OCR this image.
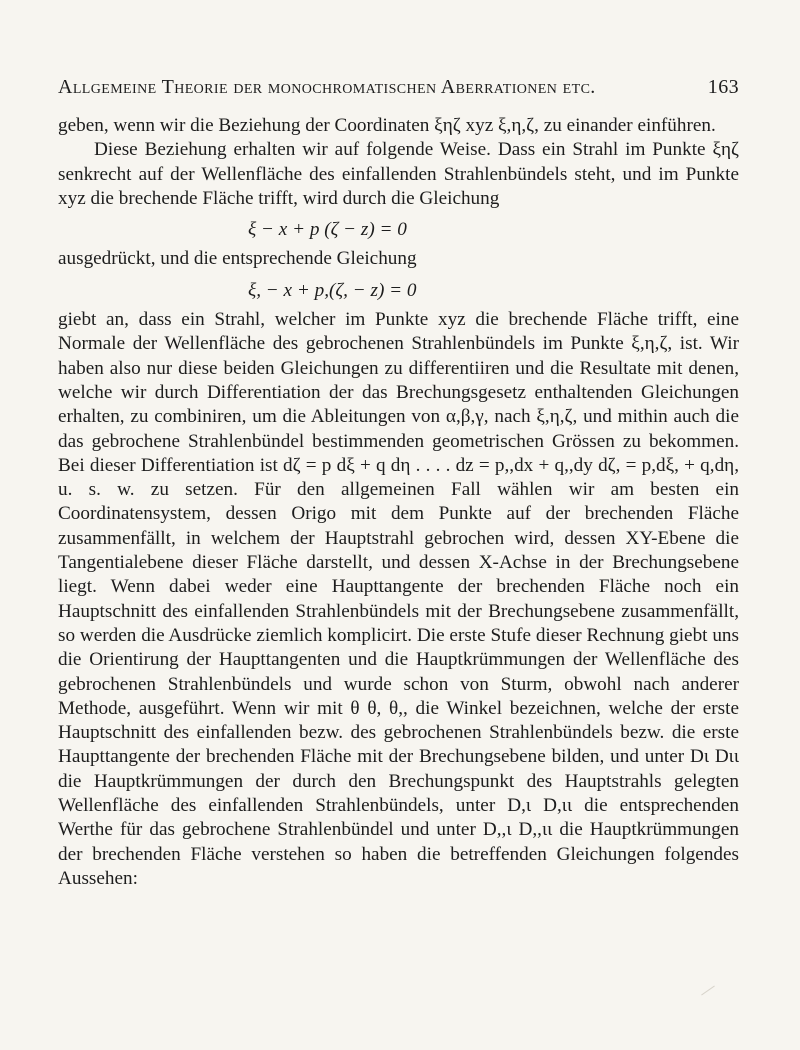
Allgemeine Theorie der monochromatischen Aberrationen etc.	163

geben, wenn wir die Beziehung der Coordinaten ξηζ xyz ξ,η,ζ, zu einander einführen.

Diese Beziehung erhalten wir auf folgende Weise. Dass ein Strahl im Punkte ξηζ senkrecht auf der Wellenfläche des einfallenden Strahlenbündels steht, und im Punkte xyz die brechende Fläche trifft, wird durch die Gleichung

ξ − x + p (ζ − z) = 0

ausgedrückt, und die entsprechende Gleichung

ξ, − x + p,(ζ, − z) = 0

giebt an, dass ein Strahl, welcher im Punkte xyz die brechende Fläche trifft, eine Normale der Wellenfläche des gebrochenen Strahlenbündels im Punkte ξ,η,ζ, ist. Wir haben also nur diese beiden Gleichungen zu differentiiren und die Resultate mit denen, welche wir durch Differentiation der das Brechungsgesetz enthaltenden Gleichungen erhalten, zu combiniren, um die Ableitungen von α,β,γ, nach ξ,η,ζ, und mithin auch die das gebrochene Strahlenbündel bestimmenden geometrischen Grössen zu bekommen. Bei dieser Differentiation ist dζ = p dξ + q dη . . . . dz = p,,dx + q,,dy dζ, = p,dξ, + q,dη, u. s. w. zu setzen. Für den allgemeinen Fall wählen wir am besten ein Coordinatensystem, dessen Origo mit dem Punkte auf der brechenden Fläche zusammenfällt, in welchem der Hauptstrahl gebrochen wird, dessen XY-Ebene die Tangentialebene dieser Fläche darstellt, und dessen X-Achse in der Brechungsebene liegt. Wenn dabei weder eine Haupttangente der brechenden Fläche noch ein Hauptschnitt des einfallenden Strahlenbündels mit der Brechungsebene zusammenfällt, so werden die Ausdrücke ziemlich komplicirt. Die erste Stufe dieser Rechnung giebt uns die Orientirung der Haupttangenten und die Hauptkrümmungen der Wellenfläche des gebrochenen Strahlenbündels und wurde schon von Sturm, obwohl nach anderer Methode, ausgeführt. Wenn wir mit θ θ, θ,, die Winkel bezeichnen, welche der erste Hauptschnitt des einfallenden bezw. des gebrochenen Strahlenbündels bezw. die erste Haupttangente der brechenden Fläche mit der Brechungsebene bilden, und unter Dι Dιι die Hauptkrümmungen der durch den Brechungspunkt des Hauptstrahls gelegten Wellenfläche des einfallenden Strahlenbündels, unter D,ι D,ιι die entsprechenden Werthe für das gebrochene Strahlenbündel und unter D,,ι D,,ιι die Hauptkrümmungen der brechenden Fläche verstehen so haben die betreffenden Gleichungen folgendes Aussehen:
